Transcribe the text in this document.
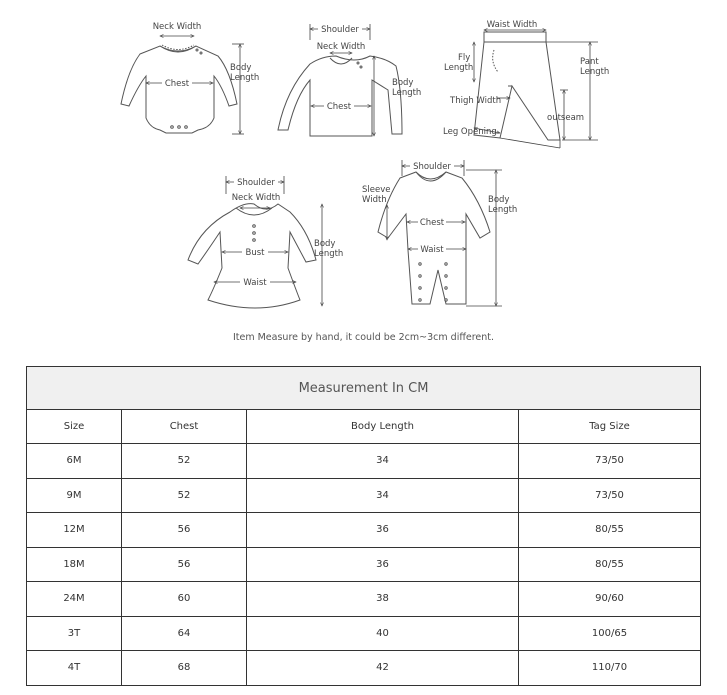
Neck Width
Chest
Body
Length
Shoulder
Neck Width
Chest
Body
Length
Waist Width
Fly
Length
Pant
Length
Thigh Width
Leg Opening
outseam
Shoulder
Neck Width
Bust
Waist
Body
Length
Shoulder
Sleeve
Width
Chest
Waist
Body
Length
Item Measure by hand, it could be 2cm~3cm different.
Measurement In CM			
Size	Chest	Body Length	Tag Size
6M	52	34	73/50
9M	52	34	73/50
12M	56	36	80/55
18M	56	36	80/55
24M	60	38	90/60
3T	64	40	100/65
4T	68	42	110/70
